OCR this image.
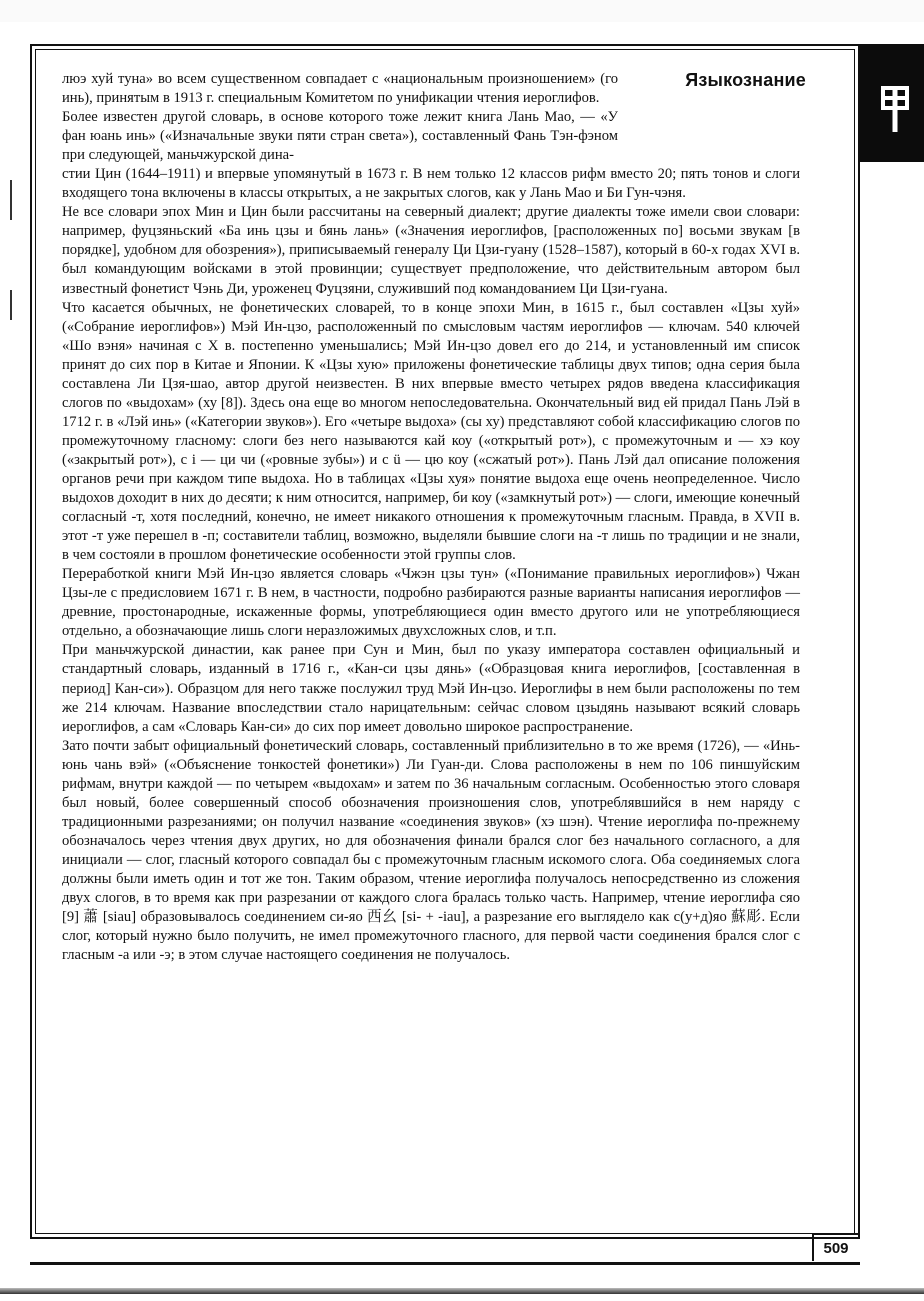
Языкознание

люэ хуй туна» во всем существенном совпадает с «национальным произношением» (го инь), принятым в 1913 г. специальным Комитетом по унификации чтения иероглифов.

Более известен другой словарь, в основе которого тоже лежит книга Лань Мао, — «У фан юань инь» («Изначальные звуки пяти стран света»), составленный Фань Тэн-фэном при следующей, маньчжурской дина-

стии Цин (1644–1911) и впервые упомянутый в 1673 г. В нем только 12 классов рифм вместо 20; пять тонов и слоги входящего тона включены в классы открытых, а не закрытых слогов, как у Лань Мао и Би Гун-чэня.

Не все словари эпох Мин и Цин были рассчитаны на северный диалект; другие диалекты тоже имели свои словари: например, фуцзяньский «Ба инь цзы и бянь лань» («Значения иероглифов, [расположенных по] восьми звукам [в порядке], удобном для обозрения»), приписываемый генералу Ци Цзи-гуану (1528–1587), который в 60-х годах XVI в. был командующим войсками в этой провинции; существует предположение, что действительным автором был известный фонетист Чэнь Ди, уроженец Фуцзяни, служивший под командованием Ци Цзи-гуана.

Что касается обычных, не фонетических словарей, то в конце эпохи Мин, в 1615 г., был составлен «Цзы хуй» («Собрание иероглифов») Мэй Ин-цзо, расположенный по смысловым частям иероглифов — ключам. 540 ключей «Шо вэня» начиная с X в. постепенно уменьшались; Мэй Ин-цзо довел его до 214, и установленный им список принят до сих пор в Китае и Японии. К «Цзы хую» приложены фонетические таблицы двух типов; одна серия была составлена Ли Цзя-шао, автор другой неизвестен. В них впервые вместо четырех рядов введена классификация слогов по «выдохам» (ху [8]). Здесь она еще во многом непоследовательна. Окончательный вид ей придал Пань Лэй в 1712 г. в «Лэй инь» («Категории звуков»). Его «четыре выдоха» (сы ху) представляют собой классификацию слогов по промежуточному гласному: слоги без него называются кай коу («открытый рот»), с промежуточным и — хэ коу («закрытый рот»), с i — ци чи («ровные зубы») и с ü — цю коу («сжатый рот»). Пань Лэй дал описание положения органов речи при каждом типе выдоха. Но в таблицах «Цзы хуя» понятие выдоха еще очень неопределенное. Число выдохов доходит в них до десяти; к ним относится, например, би коу («замкнутый рот») — слоги, имеющие конечный согласный -т, хотя последний, конечно, не имеет никакого отношения к промежуточным гласным. Правда, в XVII в. этот -т уже перешел в -п; составители таблиц, возможно, выделяли бывшие слоги на -т лишь по традиции и не знали, в чем состояли в прошлом фонетические особенности этой группы слов.

Переработкой книги Мэй Ин-цзо является словарь «Чжэн цзы тун» («Понимание правильных иероглифов») Чжан Цзы-ле с предисловием 1671 г. В нем, в частности, подробно разбираются разные варианты написания иероглифов — древние, простонародные, искаженные формы, употребляющиеся один вместо другого или не употребляющиеся отдельно, а обозначающие лишь слоги неразложимых двухсложных слов, и т.п.

При маньчжурской династии, как ранее при Сун и Мин, был по указу императора составлен официальный и стандартный словарь, изданный в 1716 г., «Кан-си цзы дянь» («Образцовая книга иероглифов, [составленная в период] Кан-си»). Образцом для него также послужил труд Мэй Ин-цзо. Иероглифы в нем были расположены по тем же 214 ключам. Название впоследствии стало нарицательным: сейчас словом цзыдянь называют всякий словарь иероглифов, а сам «Словарь Кан-си» до сих пор имеет довольно широкое распространение.

Зато почти забыт официальный фонетический словарь, составленный приблизительно в то же время (1726), — «Инь-юнь чань вэй» («Объяснение тонкостей фонетики») Ли Гуан-ди. Слова расположены в нем по 106 пиншуйским рифмам, внутри каждой — по четырем «выдохам» и затем по 36 начальным согласным. Особенностью этого словаря был новый, более совершенный способ обозначения произношения слов, употреблявшийся в нем наряду с традиционными разрезаниями; он получил название «соединения звуков» (хэ шэн). Чтение иероглифа по-прежнему обозначалось через чтения двух других, но для обозначения финали брался слог без начального согласного, а для инициали — слог, гласный которого совпадал бы с промежуточным гласным искомого слога. Оба соединяемых слога должны были иметь один и тот же тон. Таким образом, чтение иероглифа получалось непосредственно из сложения двух слогов, в то время как при разрезании от каждого слога бралась только часть. Например, чтение иероглифа сяо [9] 蕭 [siau] образовывалось соединением си-яо 西幺 [si- + -iau], а разрезание его выглядело как с(у+д)яо 蘇彫. Если слог, который нужно было получить, не имел промежуточного гласного, для первой части соединения брался слог с гласным -а или -э; в этом случае настоящего соединения не получалось.

509
